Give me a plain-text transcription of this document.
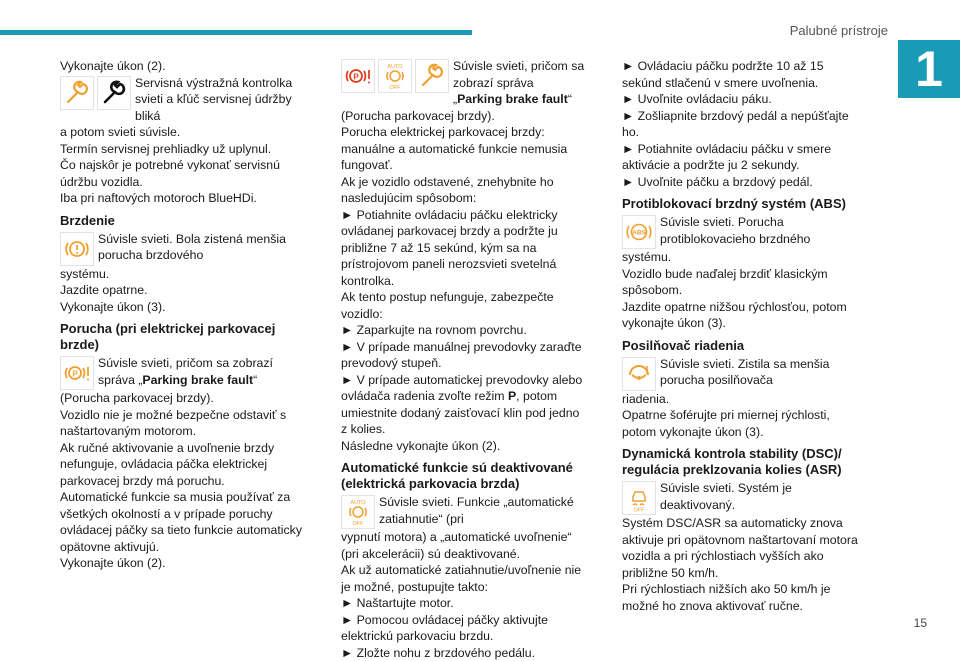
Palubné prístroje
1
15

Vykonajte úkon (2).

Servisná výstražná kontrolka svieti a kľúč servisnej údržby bliká

a potom svieti súvisle.

Termín servisnej prehliadky už uplynul.

Čo najskôr je potrebné vykonať servisnú údržbu vozidla.

Iba pri naftových motoroch BlueHDi.

Brzdenie
Súvisle svieti. Bola zistená menšia porucha brzdového

systému.

Jazdite opatrne.

Vykonajte úkon (3).

Porucha (pri elektrickej parkovacej brzde)
P
Súvisle svieti, pričom sa zobrazí správa „Parking brake fault“

(Porucha parkovacej brzdy).

Vozidlo nie je možné bezpečne odstaviť s naštartovaným motorom.

Ak ručné aktivovanie a uvoľnenie brzdy nefunguje, ovládacia páčka elektrickej parkovacej brzdy má poruchu.

Automatické funkcie sa musia používať za všetkých okolností a v prípade poruchy ovládacej páčky sa tieto funkcie automaticky opätovne aktivujú.

Vykonajte úkon (2).

P
AUTO
OFF
Súvisle svieti, pričom sa zobrazí správa „Parking brake fault“ (Porucha parkovacej brzdy).

Porucha elektrickej parkovacej brzdy: manuálne a automatické funkcie nemusia fungovať.

Ak je vozidlo odstavené, znehybnite ho nasledujúcim spôsobom:

► Potiahnite ovládaciu páčku elektricky ovládanej parkovacej brzdy a podržte ju približne 7 až 15 sekúnd, kým sa na prístrojovom paneli nerozsvieti svetelná kontrolka.

Ak tento postup nefunguje, zabezpečte vozidlo:

► Zaparkujte na rovnom povrchu.

► V prípade manuálnej prevodovky zaraďte prevodový stupeň.

► V prípade automatickej prevodovky alebo ovládača radenia zvoľte režim P, potom umiestnite dodaný zaisťovací klin pod jedno z kolies.

Následne vykonajte úkon (2).

Automatické funkcie sú deaktivované (elektrická parkovacia brzda)
AUTO
OFF
Súvisle svieti. Funkcie „automatické zatiahnutie“ (pri

vypnutí motora) a „automatické uvoľnenie“ (pri akcelerácii) sú deaktivované.

Ak už automatické zatiahnutie/uvoľnenie nie je možné, postupujte takto:

► Naštartujte motor.

► Pomocou ovládacej páčky aktivujte elektrickú parkovaciu brzdu.

► Zložte nohu z brzdového pedálu.

► Ovládaciu páčku podržte 10 až 15 sekúnd stlačenú v smere uvoľnenia.

► Uvoľnite ovládaciu páku.

► Zošliapnite brzdový pedál a nepúšťajte ho.

► Potiahnite ovládaciu páčku v smere aktivácie a podržte ju 2 sekundy.

► Uvoľnite páčku a brzdový pedál.

Protiblokovací brzdný systém (ABS)
ABS
Súvisle svieti. Porucha protiblokovacieho brzdného

systému.

Vozidlo bude naďalej brzdiť klasickým spôsobom.

Jazdite opatrne nižšou rýchlosťou, potom vykonajte úkon (3).

Posilňovač riadenia
Súvisle svieti. Zistila sa menšia porucha posilňovača

riadenia.

Opatrne šoférujte pri miernej rýchlosti, potom vykonajte úkon (3).

Dynamická kontrola stability (DSC)/ regulácia preklzovania kolies (ASR)
OFF
Súvisle svieti. Systém je deaktivovaný.

Systém DSC/ASR sa automaticky znova aktivuje pri opätovnom naštartovaní motora vozidla a pri rýchlostiach vyšších ako približne 50 km/h.

Pri rýchlostiach nižších ako 50 km/h je možné ho znova aktivovať ručne.
